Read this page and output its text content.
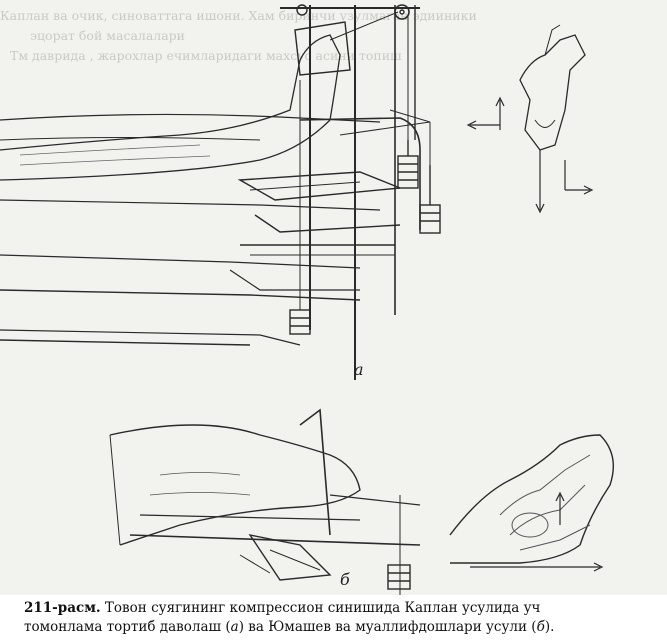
Каплан ва очик, синоваттага ишони. Хам биринчи узулмаган эдииники
эцорат бой масалалари
Тм даврида , жарохлар ечимларидаги махсус асини топиш
а
б
211-расм. Товон суягининг компрессион синишида Каплан усулида уч
томонлама тортиб даволаш (а) ва Юмашев ва муаллифдошлари усули (б).
